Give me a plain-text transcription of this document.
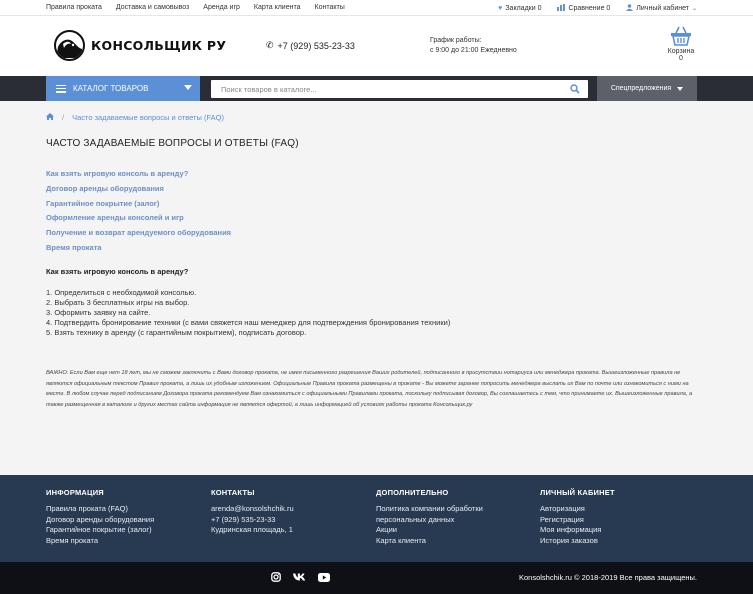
Правила проката Доставка и самовывоз Аренда игр Карта клиента Контакты	♥ Закладки 0	Сравнение 0	Личный кабинет ⌄
КОНСОЛЬЩИК РУ	✆ +7 (929) 535-23-33	График работы:
с 9:00 до 21:00 Ежедневно	Корзина 0
КАТАЛОГ ТОВАРОВ
Поиск товаров в каталоге...	Спецпредложения
/ Часто задаваемые вопросы и ответы (FAQ)
ЧАСТО ЗАДАВАЕМЫЕ ВОПРОСЫ И ОТВЕТЫ (FAQ)
Как взять игровую консоль в аренду?
Договор аренды оборудования
Гарантийное покрытие (залог)
Оформление аренды консолей и игр
Получение и возврат арендуемого оборудования
Время проката
Как взять игровую консоль в аренду?
1. Определиться с необходимой консолью.
2. Выбрать 3 бесплатных игры на выбор.
3. Оформить заявку на сайте.
4. Подтвердить бронирование техники (с вами свяжется наш менеджер для подтверждения бронирования техники)
5. Взять технику в аренду (с гарантийным покрытием), подписать договор.
ВАЖНО: Если Вам еще нет 18 лет, мы не сможем заключить с Вами договор проката, не имея письменного разрешения Ваших родителей, подписанного в присутствии нотариуса или менеджера проката. Вышеизложенные правила не являются официальным текстом Правил проката, а лишь их удобным изложением. Официальные Правила проката размещены в прокате - Вы можете заранее попросить менеджера выслать их Вам по почте или ознакомиться с ними на месте. В любом случае перед подписанием Договора проката рекомендуем Вам ознакомиться с официальными Правилами проката, поскольку подписывая договор, Вы соглашаетесь с тем, что принимаете их. Вышеизложенные правила, а также размещенная в каталоге и других местах сайта информация не является офертой, а лишь информацией об условиях работы проката Консольщик.ру
ИНФОРМАЦИЯ
Правила проката (FAQ)
Договор аренды оборудования
Гарантийное покрытие (залог)
Время проката
КОНТАКТЫ
arenda@konsolshchik.ru
+7 (929) 535-23-33
Кудринская площадь, 1
ДОПОЛНИТЕЛЬНО
Политика компании обработки
персональных данных
Акции
Карта клиента
ЛИЧНЫЙ КАБИНЕТ
Авторизация
Регистрация
Моя информация
История заказов
Konsolshchik.ru © 2018-2019 Все права защищены.
